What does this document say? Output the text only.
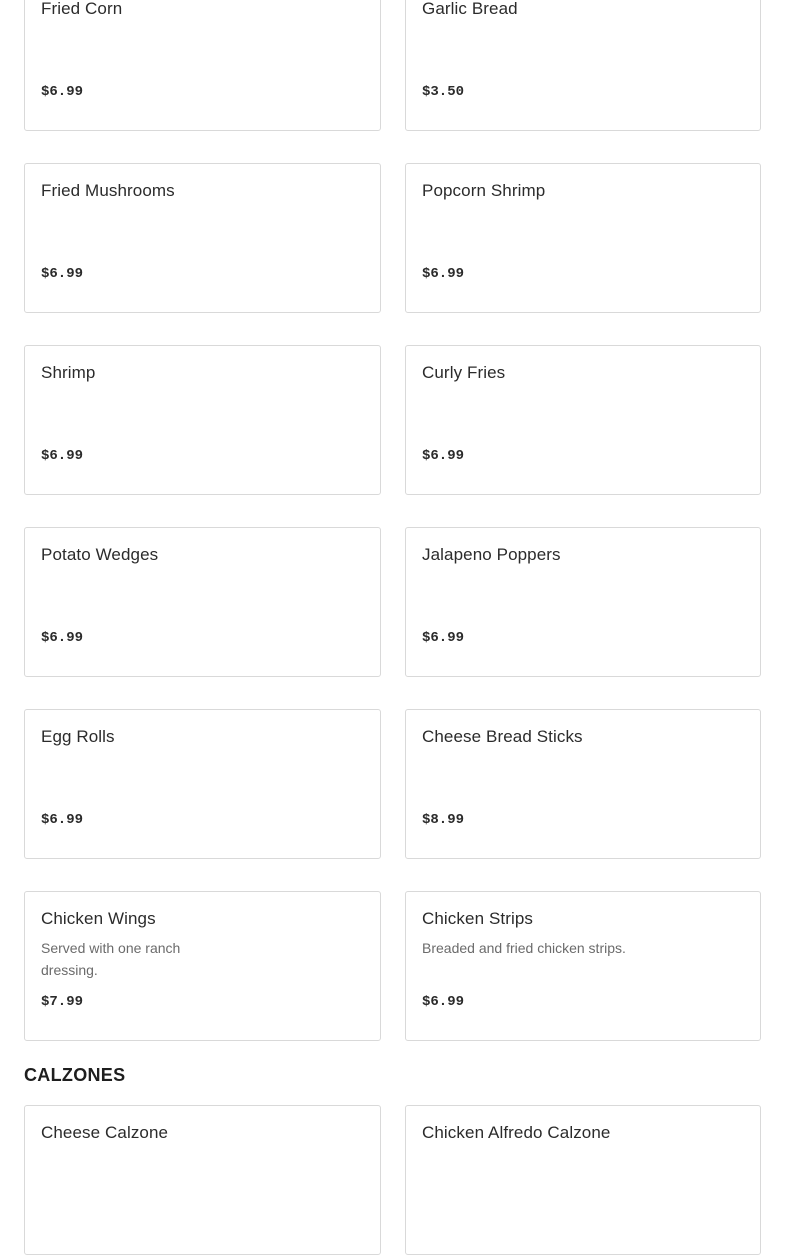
Fried Corn
$6.99
Garlic Bread
$3.50
Fried Mushrooms
$6.99
Popcorn Shrimp
$6.99
Shrimp
$6.99
Curly Fries
$6.99
Potato Wedges
$6.99
Jalapeno Poppers
$6.99
Egg Rolls
$6.99
Cheese Bread Sticks
$8.99
Chicken Wings
Served with one ranch dressing.
$7.99
Chicken Strips
Breaded and fried chicken strips.
$6.99
CALZONES
Cheese Calzone	Chicken Alfredo Calzone
